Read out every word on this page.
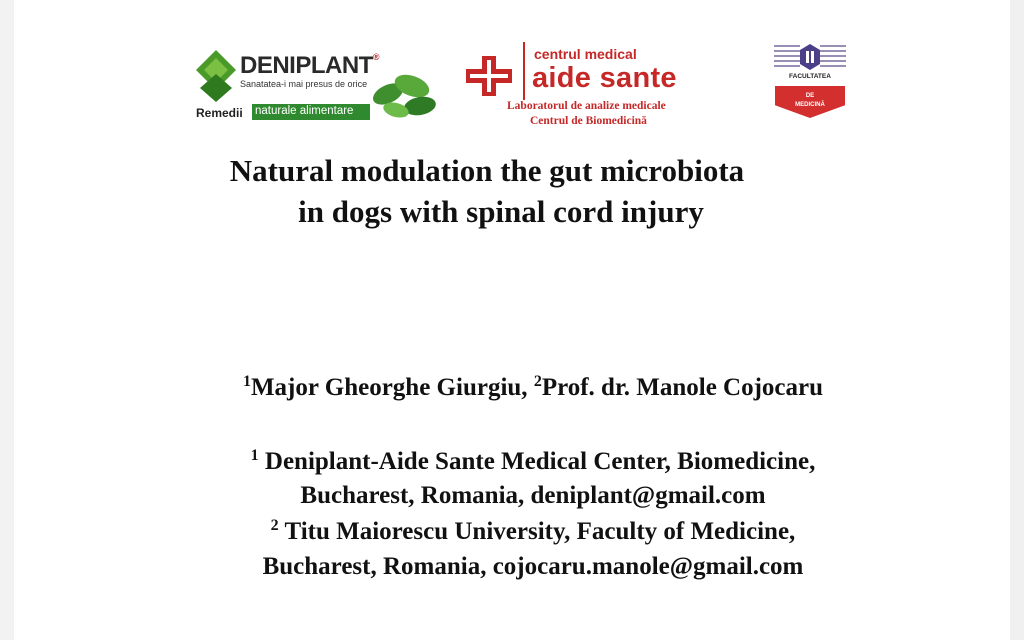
DENIPLANT®
Sanatatea-i mai presus de orice
Remedii naturale alimentare
centrul medical
aide sante
Laboratorul de analize medicale
Centrul de Biomedicină
FACULTATEA
DE
MEDICINĂ
Natural modulation the gut microbiota
in dogs with spinal cord injury
$^1$Major Gheorghe Giurgiu, $^2$Prof. dr. Manole Cojocaru
$^1$ Deniplant-Aide Sante Medical Center, Biomedicine,
Bucharest, Romania, deniplant@gmail.com
$^2$ Titu Maiorescu University, Faculty of Medicine,
Bucharest, Romania, cojocaru.manole@gmail.com
